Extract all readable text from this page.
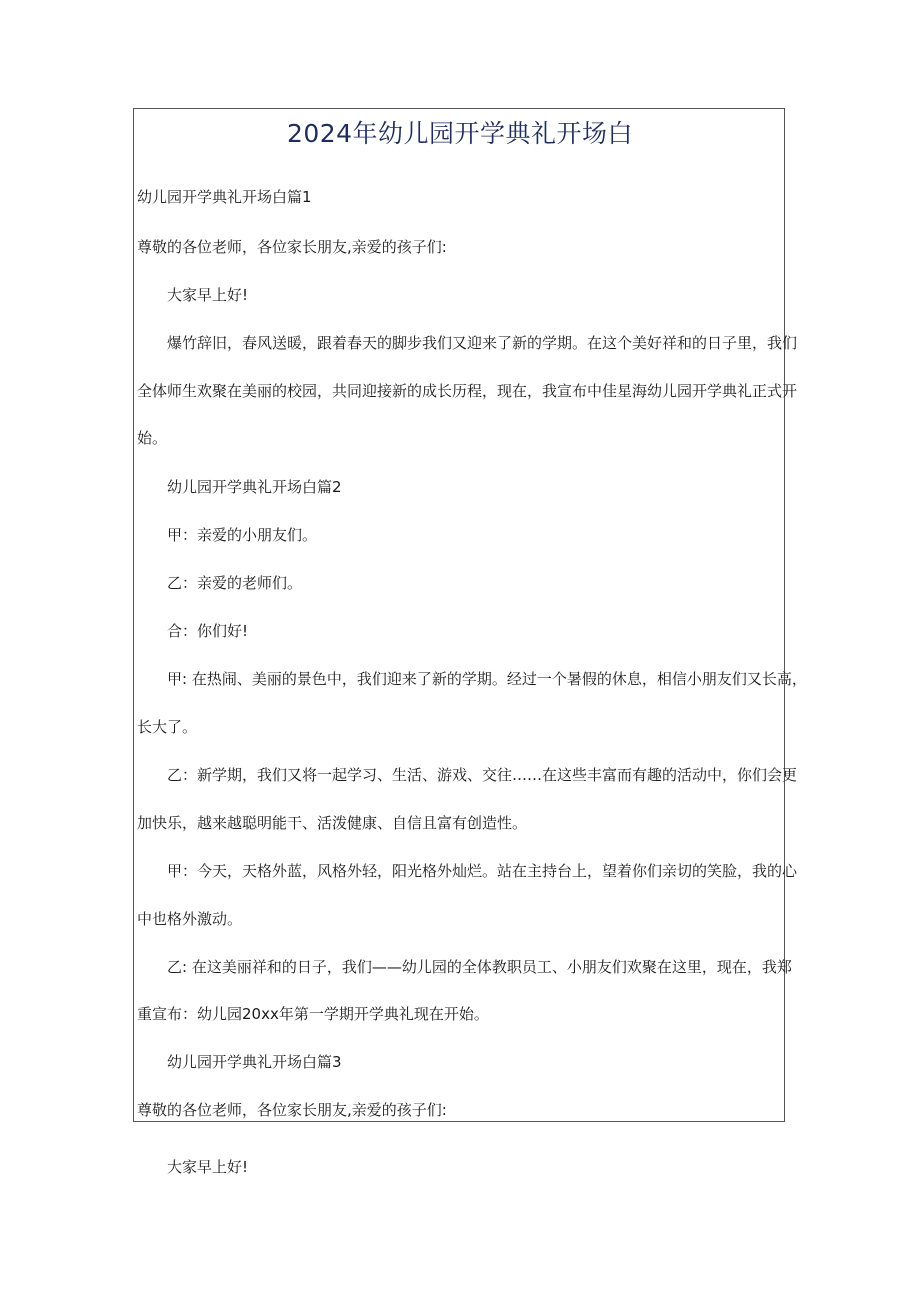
2024年幼儿园开学典礼开场白
幼儿园开学典礼开场白篇1
尊敬的各位老师，各位家长朋友,亲爱的孩子们:
大家早上好!
爆竹辞旧，春风送暖，跟着春天的脚步我们又迎来了新的学期。在这个美好祥和的日子里，我们
全体师生欢聚在美丽的校园，共同迎接新的成长历程，现在，我宣布中佳星海幼儿园开学典礼正式开
始。
幼儿园开学典礼开场白篇2
甲：亲爱的小朋友们。
乙：亲爱的老师们。
合：你们好!
甲: 在热闹、美丽的景色中，我们迎来了新的学期。经过一个暑假的休息，相信小朋友们又长高，
长大了。
乙：新学期，我们又将一起学习、生活、游戏、交往……在这些丰富而有趣的活动中，你们会更
加快乐，越来越聪明能干、活泼健康、自信且富有创造性。
甲：今天，天格外蓝，风格外轻，阳光格外灿烂。站在主持台上，望着你们亲切的笑脸，我的心
中也格外激动。
乙: 在这美丽祥和的日子，我们——幼儿园的全体教职员工、小朋友们欢聚在这里，现在，我郑
重宣布：幼儿园20xx年第一学期开学典礼现在开始。
幼儿园开学典礼开场白篇3
尊敬的各位老师，各位家长朋友,亲爱的孩子们:
大家早上好!
